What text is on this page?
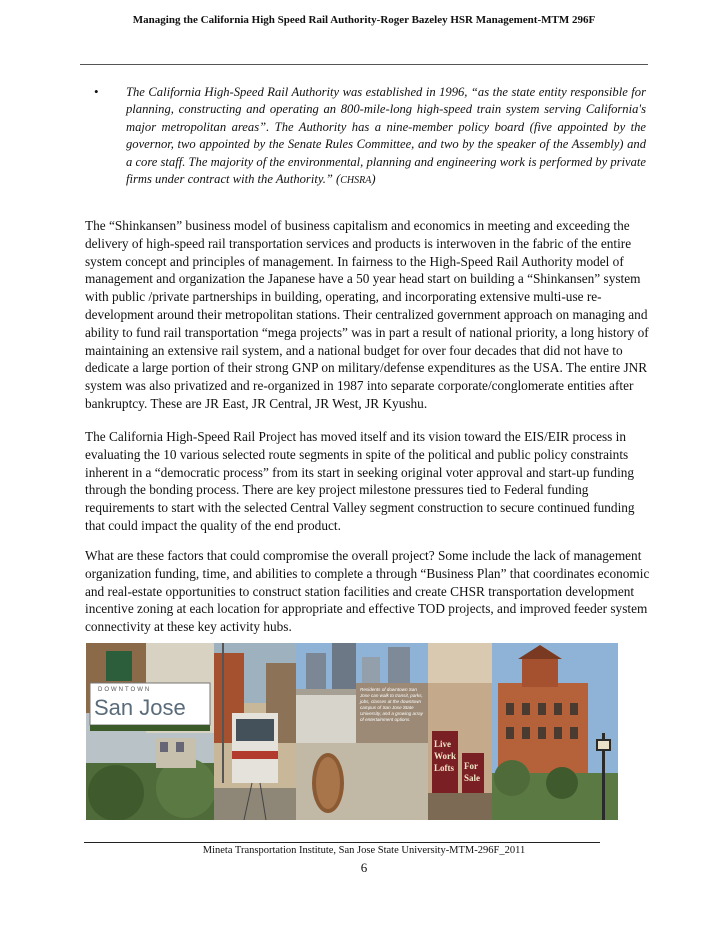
Managing the California High Speed Rail Authority-Roger Bazeley HSR Management-MTM 296F
• The California High-Speed Rail Authority was established in 1996, “as the state entity responsible for planning, constructing and operating an 800-mile-long high-speed train system serving California's major metropolitan areas”. The Authority has a nine-member policy board (five appointed by the governor, two appointed by the Senate Rules Committee, and two by the speaker of the Assembly) and a core staff. The majority of the environmental, planning and engineering work is performed by private firms under contract with the Authority.” (CHSRA)

The “Shinkansen” business model of business capitalism and economics in meeting and exceeding the delivery of high-speed rail transportation services and products is interwoven in the fabric of the entire system concept and principles of management. In fairness to the High-Speed Rail Authority model of management and organization the Japanese have a 50 year head start on building a “Shinkansen” system with public /private partnerships in building, operating, and incorporating extensive multi-use re-development around their metropolitan stations. Their centralized government approach on managing and ability to fund rail transportation “mega projects” was in part a result of national priority, a long history of maintaining an extensive rail system, and a national budget for over four decades that did not have to dedicate a large portion of their strong GNP on military/defense expenditures as the USA. The entire JNR system was also privatized and re-organized in 1987 into separate corporate/conglomerate entities after bankruptcy. These are JR East, JR Central, JR West, JR Kyushu.

The California High-Speed Rail Project has moved itself and its vision toward the EIS/EIR process in evaluating the 10 various selected route segments in spite of the political and public policy constraints inherent in a “democratic process” from its start in seeking original voter approval and start-up funding through the bonding process. There are key project milestone pressures tied to Federal funding requirements to start with the selected Central Valley segment construction to secure continued funding that could impact the quality of the end product.

What are these factors that could compromise the overall project? Some include the lack of management organization funding, time, and abilities to complete a through “Business Plan” that coordinates economic and real-estate opportunities to construct station facilities and create CHSR transportation development incentive zoning at each location for appropriate and effective TOD projects, and improved feeder system connectivity at these key activity hubs.

DOWNTOWN
San Jose
Residents of downtown San Jose can walk to transit, parks, jobs, classes at the downtown campus of San Jose State University, and a growing array of entertainment options.
Live
Work
Lofts For
Sale
Mineta Transportation Institute, San Jose State University-MTM-296F_2011
6
